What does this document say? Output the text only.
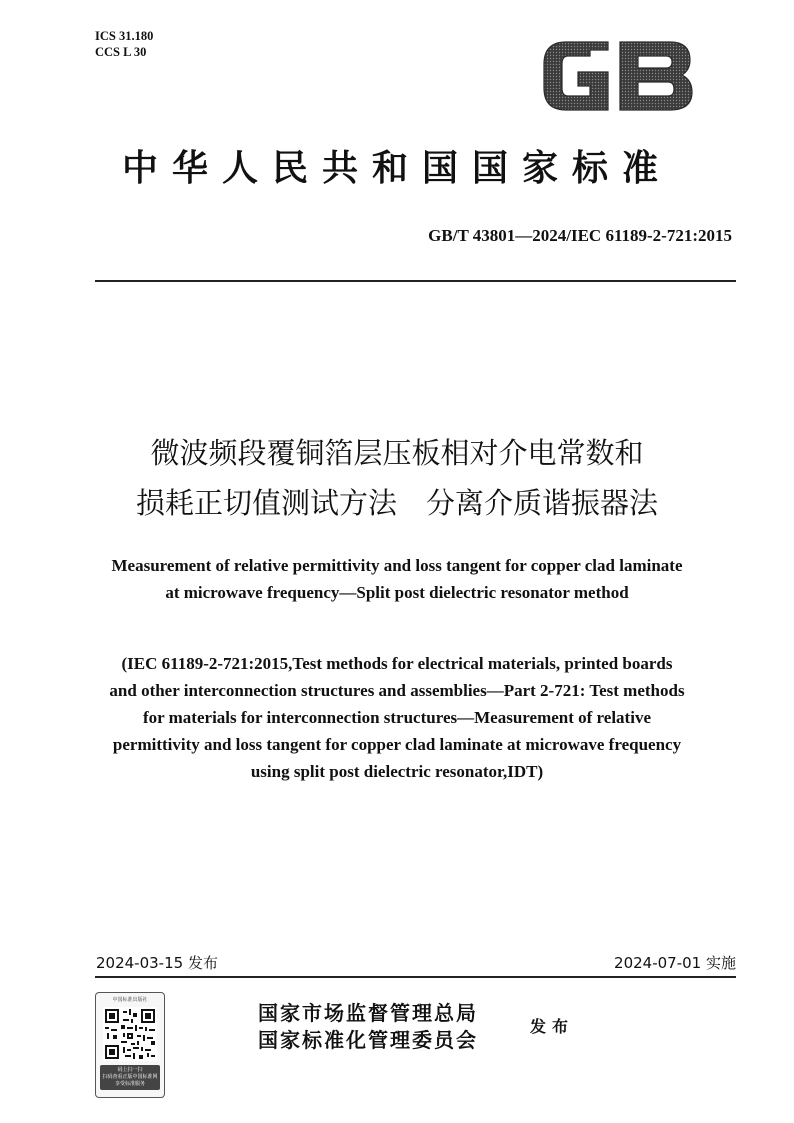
ICS 31.180
CCS L 30
中华人民共和国国家标准
GB/T 43801—2024/IEC 61189-2-721:2015
微波频段覆铜箔层压板相对介电常数和
损耗正切值测试方法　分离介质谐振器法
Measurement of relative permittivity and loss tangent for copper clad laminate
at microwave frequency—Split post dielectric resonator method
(IEC 61189-2-721:2015,Test methods for electrical materials, printed boards
and other interconnection structures and assemblies—Part 2-721: Test methods
for materials for interconnection structures—Measurement of relative
permittivity and loss tangent for copper clad laminate at microwave frequency
using split post dielectric resonator,IDT)
2024-03-15 发布	2024-07-01 实施
中国标准出版社
码上扫一扫
扫码查看正版中国标准网
享受标准服务
国家市场监督管理总局
国家标准化管理委员会
发布
